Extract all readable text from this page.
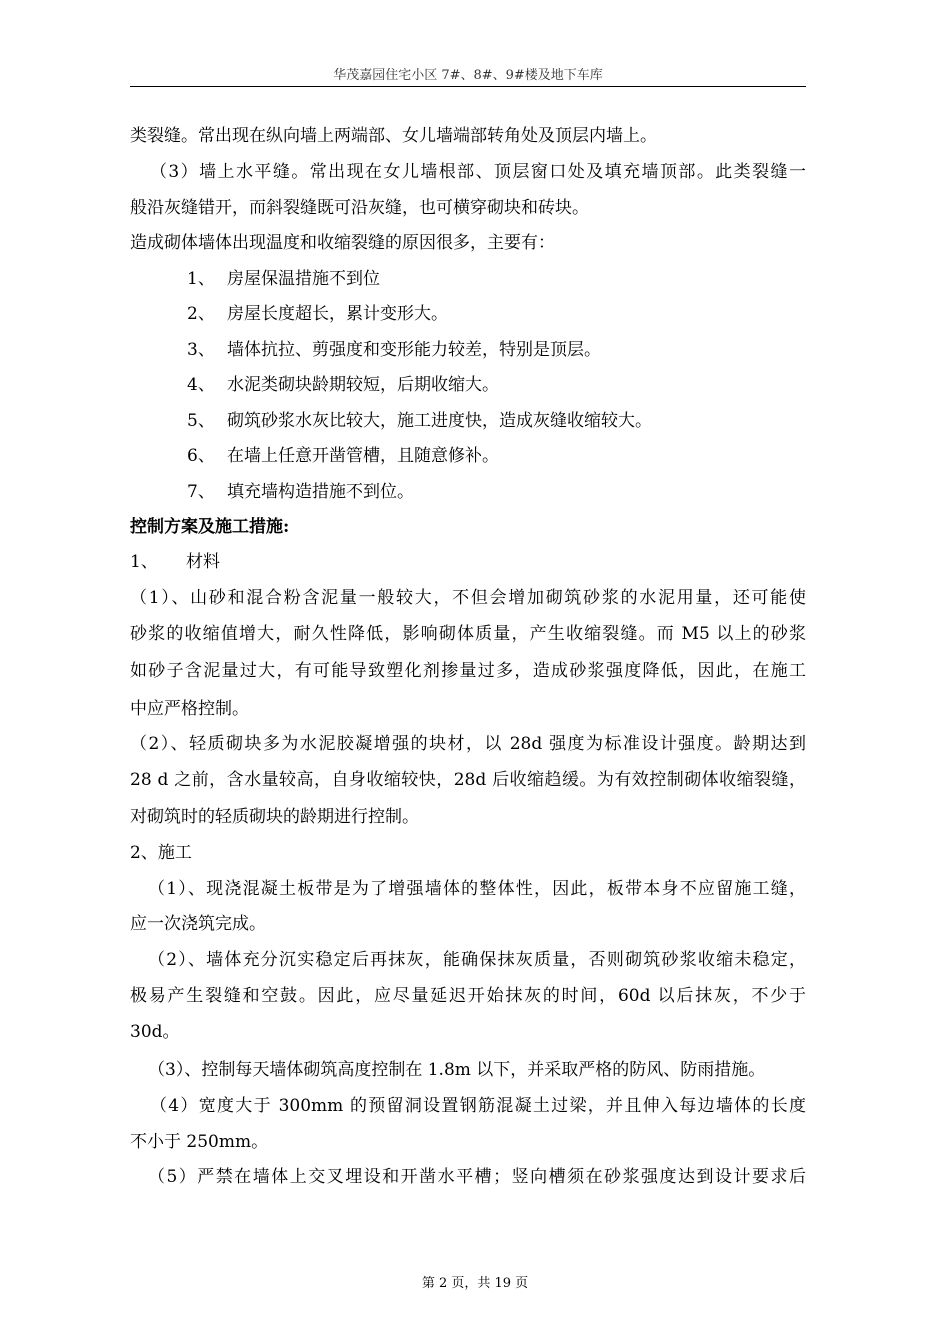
华茂嘉园住宅小区 7#、8#、9#楼及地下车库
类裂缝。常出现在纵向墙上两端部、女儿墙端部转角处及顶层内墙上。
（3）墙上水平缝。常出现在女儿墙根部、顶层窗口处及填充墙顶部。此类裂缝一
般沿灰缝错开，而斜裂缝既可沿灰缝，也可横穿砌块和砖块。
造成砌体墙体出现温度和收缩裂缝的原因很多，主要有：
1、 房屋保温措施不到位
2、 房屋长度超长，累计变形大。
3、 墙体抗拉、剪强度和变形能力较差，特别是顶层。
4、 水泥类砌块龄期较短，后期收缩大。
5、 砌筑砂浆水灰比较大，施工进度快，造成灰缝收缩较大。
6、 在墙上任意开凿管槽，且随意修补。
7、 填充墙构造措施不到位。
控制方案及施工措施:
1、 材料
（1）、山砂和混合粉含泥量一般较大，不但会增加砌筑砂浆的水泥用量，还可能使
砂浆的收缩值增大，耐久性降低，影响砌体质量，产生收缩裂缝。而 M5 以上的砂浆
如砂子含泥量过大，有可能导致塑化剂掺量过多，造成砂浆强度降低，因此，在施工
中应严格控制。
（2）、轻质砌块多为水泥胶凝增强的块材，以 28d 强度为标准设计强度。龄期达到
28 d 之前，含水量较高，自身收缩较快，28d 后收缩趋缓。为有效控制砌体收缩裂缝，
对砌筑时的轻质砌块的龄期进行控制。
2、施工
（1）、现浇混凝土板带是为了增强墙体的整体性，因此，板带本身不应留施工缝，
应一次浇筑完成。
（2）、墙体充分沉实稳定后再抹灰，能确保抹灰质量，否则砌筑砂浆收缩未稳定，
极易产生裂缝和空鼓。因此，应尽量延迟开始抹灰的时间，60d 以后抹灰，不少于
30d。
（3）、控制每天墙体砌筑高度控制在 1.8m 以下，并采取严格的防风、防雨措施。
（4）宽度大于 300mm 的预留洞设置钢筋混凝土过梁，并且伸入每边墙体的长度
不小于 250mm。
（5）严禁在墙体上交叉埋设和开凿水平槽；竖向槽须在砂浆强度达到设计要求后
第 2 页，共 19 页
